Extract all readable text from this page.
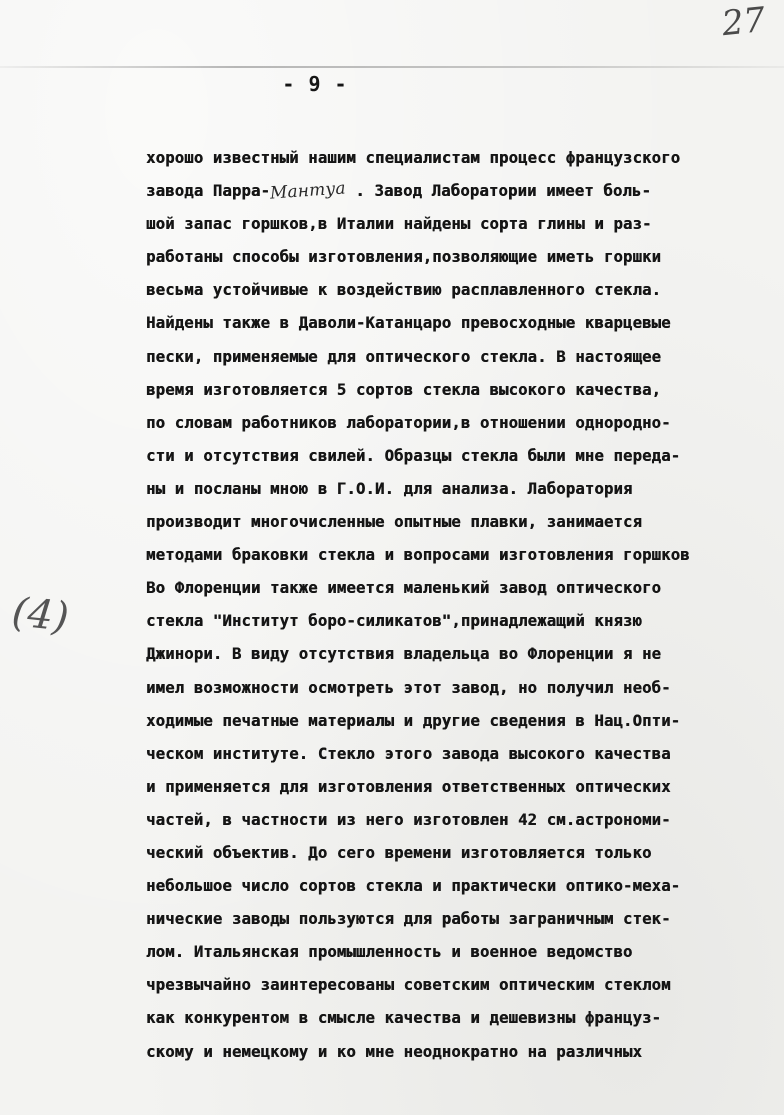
27
- 9 -
(4)
хорошо известный нашим специалистам процесс французского
завода Парра-Мантуа . Завод Лаборатории имеет боль-
шой запас горшков,в Италии найдены сорта глины и раз-
работаны способы изготовления,позволяющие иметь горшки
весьма устойчивые к воздействию расплавленного стекла.
Найдены также в Даволи-Катанцаро превосходные кварцевые
пески, применяемые для оптического стекла. В настоящее
время изготовляется 5 сортов стекла высокого качества,
по словам работников лаборатории,в отношении однородно-
сти и отсутствия свилей. Образцы стекла были мне переда-
ны и посланы мною в Г.О.И. для анализа. Лаборатория
производит многочисленные опытные плавки, занимается
методами браковки стекла и вопросами изготовления горшков
Во Флоренции также имеется маленький завод оптического
стекла "Институт боро-силикатов",принадлежащий князю
Джинори. В виду отсутствия владельца во Флоренции я не
имел возможности осмотреть этот завод, но получил необ-
ходимые печатные материалы и другие сведения в Нац.Опти-
ческом институте. Стекло этого завода высокого качества
и применяется для изготовления ответственных оптических
частей, в частности из него изготовлен 42 см.астрономи-
ческий объектив. До сего времени изготовляется только
небольшое число сортов стекла и практически оптико-меха-
нические заводы пользуются для работы заграничным стек-
лом. Итальянская промышленность и военное ведомство
чрезвычайно заинтересованы советским оптическим стеклом
как конкурентом в смысле качества и дешевизны француз-
скому и немецкому и ко мне неоднократно на различных
